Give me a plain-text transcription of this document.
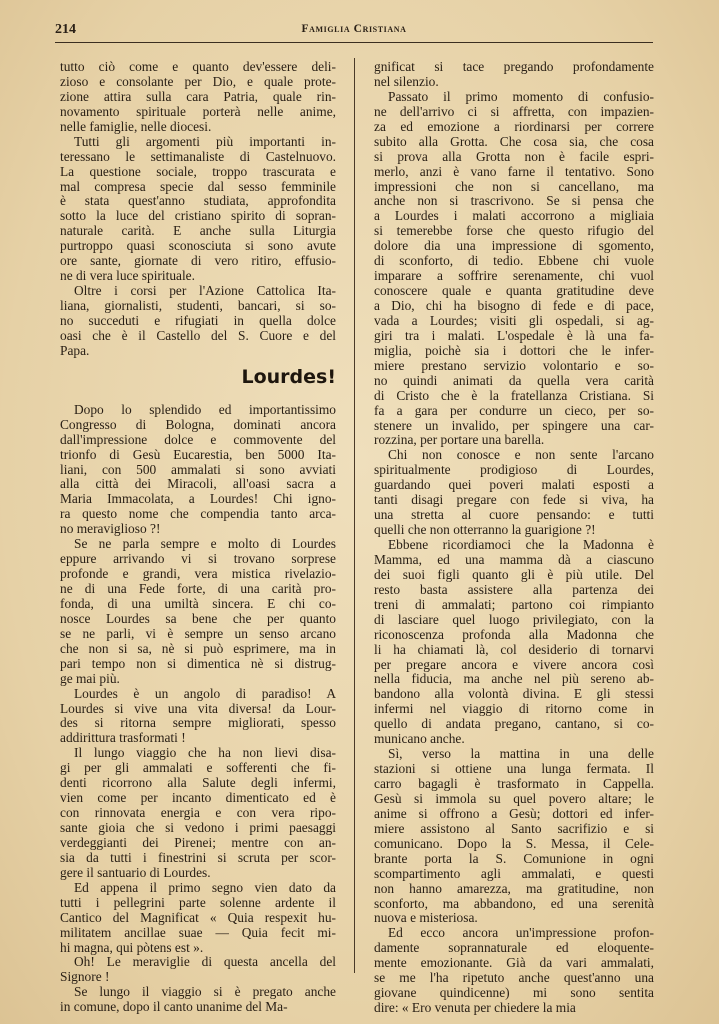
214	Famiglia Cristiana
tutto ciò come e quanto dev'essere deli-
zioso e consolante per Dio, e quale prote-
zione attira sulla cara Patria, quale rin-
novamento spirituale porterà nelle anime,
nelle famiglie, nelle diocesi.
Tutti gli argomenti più importanti in-
teressano le settimanaliste di Castelnuovo.
La questione sociale, troppo trascurata e
mal compresa specie dal sesso femminile
è stata quest'anno studiata, approfondita
sotto la luce del cristiano spirito di sopran-
naturale carità. E anche sulla Liturgia
purtroppo quasi sconosciuta si sono avute
ore sante, giornate di vero ritiro, effusio-
ne di vera luce spirituale.
Oltre i corsi per l'Azione Cattolica Ita-
liana, giornalisti, studenti, bancari, si so-
no succeduti e rifugiati in quella dolce
oasi che è il Castello del S. Cuore e del
Papa.
Lourdes!
Dopo lo splendido ed importantissimo
Congresso di Bologna, dominati ancora
dall'impressione dolce e commovente del
trionfo di Gesù Eucarestia, ben 5000 Ita-
liani, con 500 ammalati si sono avviati
alla città dei Miracoli, all'oasi sacra a
Maria Immacolata, a Lourdes! Chi igno-
ra questo nome che compendia tanto arca-
no meraviglioso ?!
Se ne parla sempre e molto di Lourdes
eppure arrivando vi si trovano sorprese
profonde e grandi, vera mistica rivelazio-
ne di una Fede forte, di una carità pro-
fonda, di una umiltà sincera. E chi co-
nosce Lourdes sa bene che per quanto
se ne parli, vi è sempre un senso arcano
che non si sa, nè si può esprimere, ma in
pari tempo non si dimentica nè si distrug-
ge mai più.
Lourdes è un angolo di paradiso! A
Lourdes si vive una vita diversa! da Lour-
des si ritorna sempre migliorati, spesso
addirittura trasformati !
Il lungo viaggio che ha non lievi disa-
gi per gli ammalati e sofferenti che fi-
denti ricorrono alla Salute degli infermi,
vien come per incanto dimenticato ed è
con rinnovata energia e con vera ripo-
sante gioia che si vedono i primi paesaggi
verdeggianti dei Pirenei; mentre con an-
sia da tutti i finestrini si scruta per scor-
gere il santuario di Lourdes.
Ed appena il primo segno vien dato da
tutti i pellegrini parte solenne ardente il
Cantico del Magnificat « Quia respexit hu-
militatem ancillae suae — Quia fecit mi-
hi magna, qui pòtens est ».
Oh! Le meraviglie di questa ancella del
Signore !
Se lungo il viaggio si è pregato anche
in comune, dopo il canto unanime del Ma-
gnificat si tace pregando profondamente
nel silenzio.
Passato il primo momento di confusio-
ne dell'arrivo ci si affretta, con impazien-
za ed emozione a riordinarsi per correre
subito alla Grotta. Che cosa sia, che cosa
si prova alla Grotta non è facile espri-
merlo, anzi è vano farne il tentativo. Sono
impressioni che non si cancellano, ma
anche non si trascrivono. Se si pensa che
a Lourdes i malati accorrono a migliaia
si temerebbe forse che questo rifugio del
dolore dia una impressione di sgomento,
di sconforto, di tedio. Ebbene chi vuole
imparare a soffrire serenamente, chi vuol
conoscere quale e quanta gratitudine deve
a Dio, chi ha bisogno di fede e di pace,
vada a Lourdes; visiti gli ospedali, si ag-
giri tra i malati. L'ospedale è là una fa-
miglia, poichè sia i dottori che le infer-
miere prestano servizio volontario e so-
no quindi animati da quella vera carità
di Cristo che è la fratellanza Cristiana. Si
fa a gara per condurre un cieco, per so-
stenere un invalido, per spingere una car-
rozzina, per portare una barella.
Chi non conosce e non sente l'arcano
spiritualmente prodigioso di Lourdes,
guardando quei poveri malati esposti a
tanti disagi pregare con fede si viva, ha
una stretta al cuore pensando: e tutti
quelli che non otterranno la guarigione ?!
Ebbene ricordiamoci che la Madonna è
Mamma, ed una mamma dà a ciascuno
dei suoi figli quanto gli è più utile. Del
resto basta assistere alla partenza dei
treni di ammalati; partono coi rimpianto
di lasciare quel luogo privilegiato, con la
riconoscenza profonda alla Madonna che
li ha chiamati là, col desiderio di tornarvi
per pregare ancora e vivere ancora così
nella fiducia, ma anche nel più sereno ab-
bandono alla volontà divina. E gli stessi
infermi nel viaggio di ritorno come in
quello di andata pregano, cantano, si co-
municano anche.
Sì, verso la mattina in una delle
stazioni si ottiene una lunga fermata. Il
carro bagagli è trasformato in Cappella.
Gesù si immola su quel povero altare; le
anime si offrono a Gesù; dottori ed infer-
miere assistono al Santo sacrifizio e si
comunicano. Dopo la S. Messa, il Cele-
brante porta la S. Comunione in ogni
scompartimento agli ammalati, e questi
non hanno amarezza, ma gratitudine, non
sconforto, ma abbandono, ed una serenità
nuova e misteriosa.
Ed ecco ancora un'impressione profon-
damente soprannaturale ed eloquente-
mente emozionante. Già da vari ammalati,
se me l'ha ripetuto anche quest'anno una
giovane quindicenne) mi sono sentita
dire: « Ero venuta per chiedere la mia
